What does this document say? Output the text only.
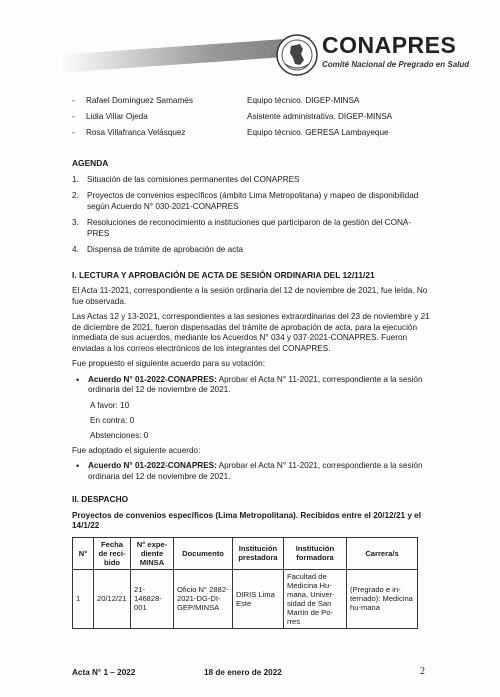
CONAPRES
Comité Nacional de Pregrado en Salud
-	Rafael Domínguez Samamés	Equipo técnico. DIGEP-MINSA
-	Lidia Villar Ojeda	Asistente administrativa. DIGEP-MINSA
-	Rosa Villafranca Velásquez	Equipo técnico. GERESA Lambayeque
AGENDA
1. Situación de las comisiones permanentes del CONAPRES
2. Proyectos de convenios específicos (ámbito Lima Metropolitana) y mapeo de disponibilidad según Acuerdo N° 030-2021-CONAPRES
3. Resoluciones de reconocimiento a instituciones que participaron de la gestión del CONA-PRES
4. Dispensa de trámite de aprobación de acta
I. LECTURA Y APROBACIÓN DE ACTA DE SESIÓN ORDINARIA DEL 12/11/21

El Acta 11-2021, correspondiente a la sesión ordinaria del 12 de noviembre de 2021, fue leída. No fue observada.

Las Actas 12 y 13-2021, correspondientes a las sesiones extraordinarias del 23 de noviembre y 21 de diciembre de 2021, fueron dispensadas del trámite de aprobación de acta, para la ejecución inmediata de sus acuerdos, mediante los Acuerdos N° 034 y 037-2021-CONAPRES. Fueron enviadas a los correos electrónicos de los integrantes del CONAPRES.

Fue propuesto el siguiente acuerdo para su votación:

•	Acuerdo N° 01-2022-CONAPRES: Aprobar el Acta N° 11-2021, correspondiente a la sesión ordinaria del 12 de noviembre de 2021.
A favor: 10
En contra: 0
Abstenciones: 0

Fue adoptado el siguiente acuerdo:

•	Acuerdo N° 01-2022-CONAPRES: Aprobar el Acta N° 11-2021, correspondiente a la sesión ordinaria del 12 de noviembre de 2021.
II. DESPACHO
Proyectos de convenios específicos (Lima Metropolitana). Recibidos entre el 20/12/21 y el 14/1/22
N°	Fecha de reci-bido	N° expe-diente MINSA	Documento	Institución prestadora	Institución formadora	Carrera/s
1	20/12/21	21-146828-001	Oficio N° 2882-2021-DG-DI-GEP/MINSA	DIRIS Lima Este	Facultad de Medicina Hu-mana, Univer-sidad de San Martín de Po-rres	(Pregrado e in-ternado): Medicina hu-mana
Acta N° 1 – 2022	18 de enero de 2022	2
